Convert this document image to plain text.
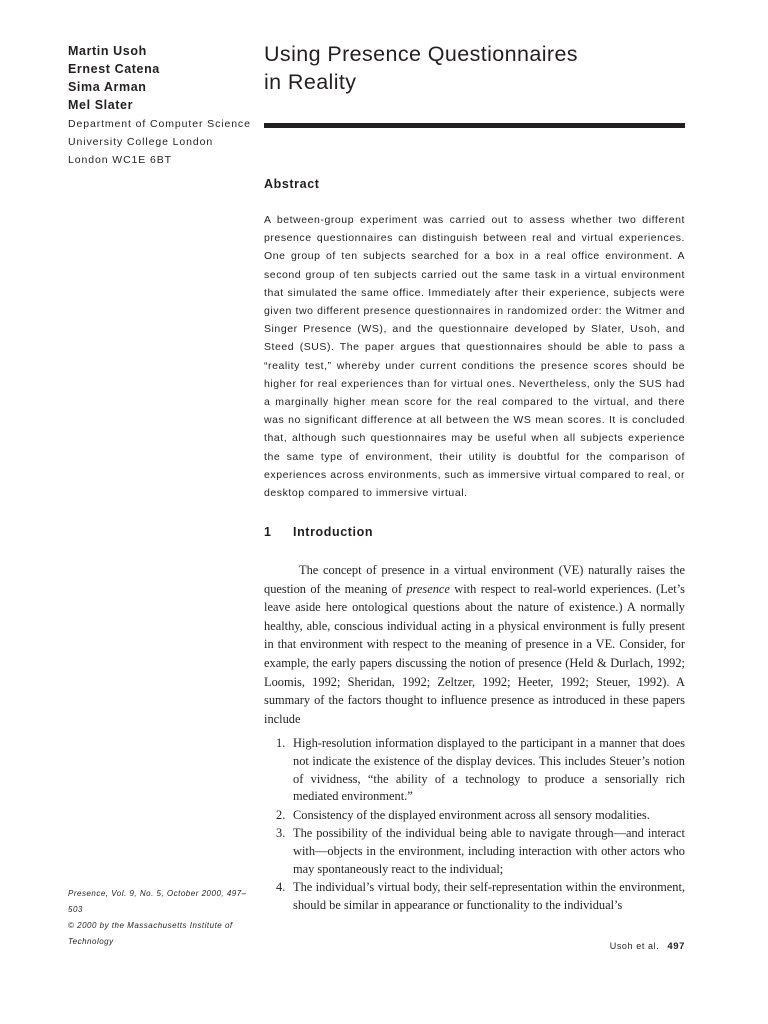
Martin Usoh
Ernest Catena
Sima Arman
Mel Slater
Department of Computer Science
University College London
London WC1E 6BT
Using Presence Questionnaires
in Reality
Abstract

A between-group experiment was carried out to assess whether two different presence questionnaires can distinguish between real and virtual experiences. One group of ten subjects searched for a box in a real office environment. A second group of ten subjects carried out the same task in a virtual environment that simulated the same office. Immediately after their experience, subjects were given two different presence questionnaires in randomized order: the Witmer and Singer Presence (WS), and the questionnaire developed by Slater, Usoh, and Steed (SUS). The paper argues that questionnaires should be able to pass a “reality test,” whereby under current conditions the presence scores should be higher for real experiences than for virtual ones. Nevertheless, only the SUS had a marginally higher mean score for the real compared to the virtual, and there was no significant difference at all between the WS mean scores. It is concluded that, although such questionnaires may be useful when all subjects experience the same type of environment, their utility is doubtful for the comparison of experiences across environments, such as immersive virtual compared to real, or desktop compared to immersive virtual.

1 Introduction

The concept of presence in a virtual environment (VE) naturally raises the question of the meaning of presence with respect to real-world experiences. (Let’s leave aside here ontological questions about the nature of existence.) A normally healthy, able, conscious individual acting in a physical environment is fully present in that environment with respect to the meaning of presence in a VE. Consider, for example, the early papers discussing the notion of presence (Held & Durlach, 1992; Loomis, 1992; Sheridan, 1992; Zeltzer, 1992; Heeter, 1992; Steuer, 1992). A summary of the factors thought to influence presence as introduced in these papers include

1. High-resolution information displayed to the participant in a manner that does not indicate the existence of the display devices. This includes Steuer’s notion of vividness, “the ability of a technology to produce a sensorially rich mediated environment.”
2. Consistency of the displayed environment across all sensory modalities.
3. The possibility of the individual being able to navigate through—and interact with—objects in the environment, including interaction with other actors who may spontaneously react to the individual;
4. The individual’s virtual body, their self-representation within the environment, should be similar in appearance or functionality to the individual’s
Presence, Vol. 9, No. 5, October 2000, 497–503
© 2000 by the Massachusetts Institute of Technology	Usoh et al. 497
